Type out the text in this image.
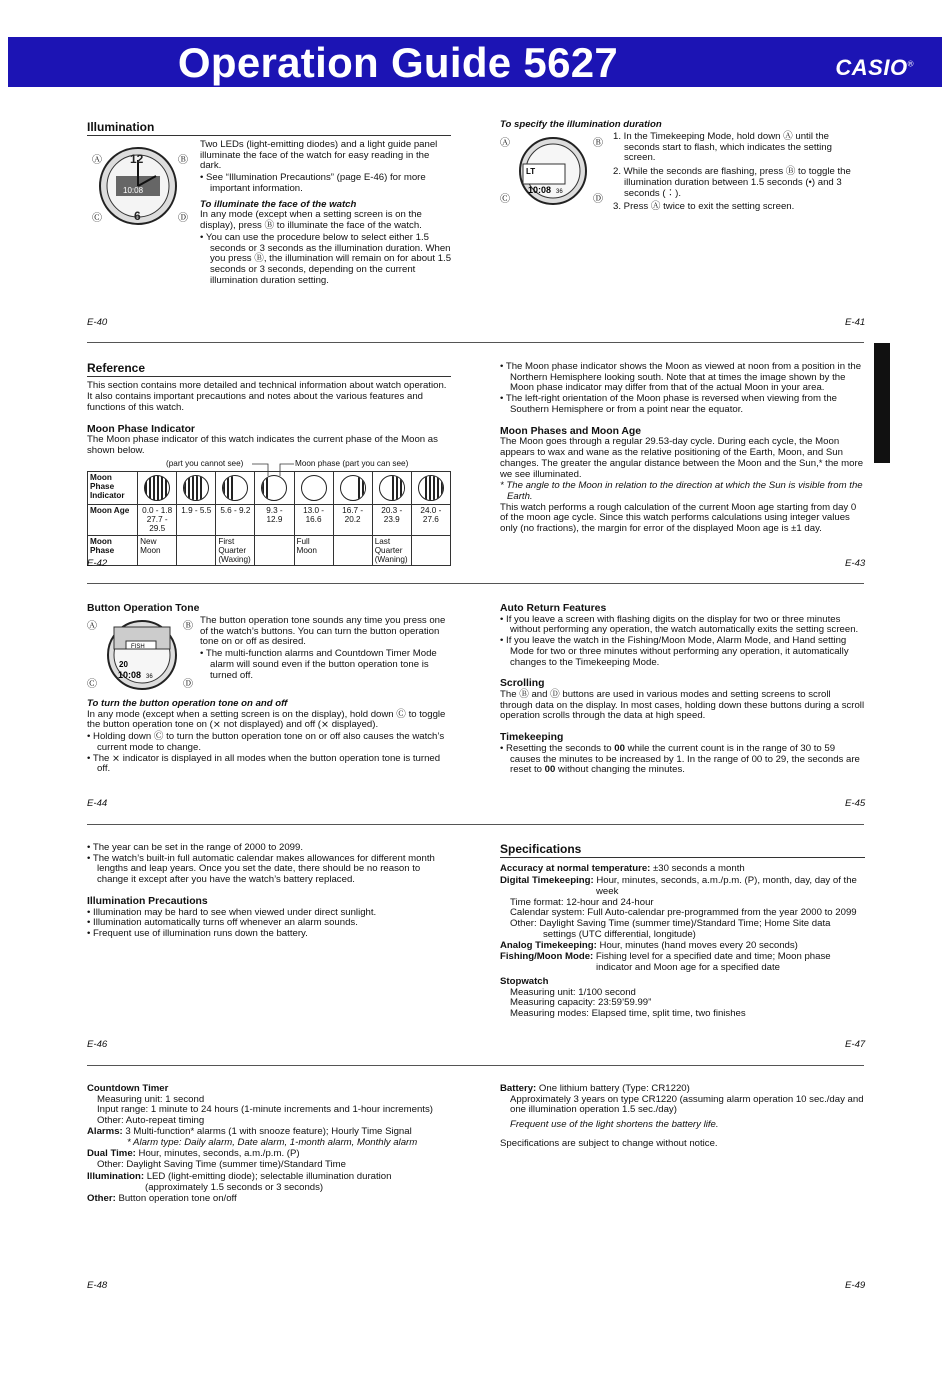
Operation Guide 5627	CASIO®
Illumination
Ⓐ	Ⓑ
Ⓒ	Ⓓ
12
6
10:08
Two LEDs (light-emitting diodes) and a light guide panel illuminate the face of the watch for easy reading in the dark.
• See “Illumination Precautions” (page E-46) for more important information.
To illuminate the face of the watch
In any mode (except when a setting screen is on the display), press Ⓑ to illuminate the face of the watch.
• You can use the procedure below to select either 1.5 seconds or 3 seconds as the illumination duration. When you press Ⓑ, the illumination will remain on for about 1.5 seconds or 3 seconds, depending on the current illumination duration setting.
E-40
To specify the illumination duration
Ⓐ	Ⓑ
Ⓒ	Ⓓ
LT
10:08 36
1. In the Timekeeping Mode, hold down Ⓐ until the seconds start to flash, which indicates the setting screen.
2. While the seconds are flashing, press Ⓑ to toggle the illumination duration between 1.5 seconds (•) and 3 seconds (∶).
3. Press Ⓐ twice to exit the setting screen.
E-41
Reference
This section contains more detailed and technical information about watch operation. It also contains important precautions and notes about the various features and functions of this watch.
Moon Phase Indicator
The Moon phase indicator of this watch indicates the current phase of the Moon as shown below.
(part you cannot see)	Moon phase (part you can see)
Moon Phase Indicator	

Moon Age	0.0 - 1.8 27.7 - 29.5	1.9 - 5.5	5.6 - 9.2	9.3 - 12.9	13.0 - 16.6	16.7 - 20.2	20.3 - 23.9	24.0 - 27.6
Moon Phase	New Moon		First Quarter (Waxing)		Full Moon		Last Quarter (Waning)	
E-42
• The Moon phase indicator shows the Moon as viewed at noon from a position in the Northern Hemisphere looking south. Note that at times the image shown by the Moon phase indicator may differ from that of the actual Moon in your area.
• The left-right orientation of the Moon phase is reversed when viewing from the Southern Hemisphere or from a point near the equator.
Moon Phases and Moon Age
The Moon goes through a regular 29.53-day cycle. During each cycle, the Moon appears to wax and wane as the relative positioning of the Earth, Moon, and Sun changes. The greater the angular distance between the Moon and the Sun,* the more we see illuminated.
* The angle to the Moon in relation to the direction at which the Sun is visible from the Earth.
This watch performs a rough calculation of the current Moon age starting from day 0 of the moon age cycle. Since this watch performs calculations using integer values only (no fractions), the margin for error of the displayed Moon age is ±1 day.
E-43
Button Operation Tone
Ⓐ	Ⓑ
Ⓒ	Ⓓ
FISH
20
10:08 36
The button operation tone sounds any time you press one of the watch’s buttons. You can turn the button operation tone on or off as desired.
• The multi-function alarms and Countdown Timer Mode alarm will sound even if the button operation tone is turned off.
To turn the button operation tone on and off
In any mode (except when a setting screen is on the display), hold down Ⓒ to toggle the button operation tone on (⨯ not displayed) and off (⨯ displayed).
• Holding down Ⓒ to turn the button operation tone on or off also causes the watch’s current mode to change.
• The ⨯ indicator is displayed in all modes when the button operation tone is turned off.
E-44
Auto Return Features
• If you leave a screen with flashing digits on the display for two or three minutes without performing any operation, the watch automatically exits the setting screen.
• If you leave the watch in the Fishing/Moon Mode, Alarm Mode, and Hand setting Mode for two or three minutes without performing any operation, it automatically changes to the Timekeeping Mode.
Scrolling
The Ⓑ and Ⓓ buttons are used in various modes and setting screens to scroll through data on the display. In most cases, holding down these buttons during a scroll operation scrolls through the data at high speed.
Timekeeping
• Resetting the seconds to 00 while the current count is in the range of 30 to 59 causes the minutes to be increased by 1. In the range of 00 to 29, the seconds are reset to 00 without changing the minutes.
E-45
• The year can be set in the range of 2000 to 2099.
• The watch’s built-in full automatic calendar makes allowances for different month lengths and leap years. Once you set the date, there should be no reason to change it except after you have the watch’s battery replaced.
Illumination Precautions
• Illumination may be hard to see when viewed under direct sunlight.
• Illumination automatically turns off whenever an alarm sounds.
• Frequent use of illumination runs down the battery.
E-46
Specifications
Accuracy at normal temperature: ±30 seconds a month
Digital Timekeeping: Hour, minutes, seconds, a.m./p.m. (P), month, day, day of the week
Time format: 12-hour and 24-hour
Calendar system: Full Auto-calendar pre-programmed from the year 2000 to 2099
Other: Daylight Saving Time (summer time)/Standard Time; Home Site data settings (UTC differential, longitude)
Analog Timekeeping: Hour, minutes (hand moves every 20 seconds)
Fishing/Moon Mode: Fishing level for a specified date and time; Moon phase indicator and Moon age for a specified date
Stopwatch
Measuring unit: 1/100 second
Measuring capacity: 23:59’59.99”
Measuring modes: Elapsed time, split time, two finishes
E-47
Countdown Timer
Measuring unit: 1 second
Input range: 1 minute to 24 hours (1-minute increments and 1-hour increments)
Other: Auto-repeat timing
Alarms: 3 Multi-function* alarms (1 with snooze feature); Hourly Time Signal
* Alarm type: Daily alarm, Date alarm, 1-month alarm, Monthly alarm
Dual Time: Hour, minutes, seconds, a.m./p.m. (P)
Other: Daylight Saving Time (summer time)/Standard Time
Illumination: LED (light-emitting diode); selectable illumination duration (approximately 1.5 seconds or 3 seconds)
Other: Button operation tone on/off
E-48
Battery: One lithium battery (Type: CR1220)
Approximately 3 years on type CR1220 (assuming alarm operation 10 sec./day and one illumination operation 1.5 sec./day)
Frequent use of the light shortens the battery life.
Specifications are subject to change without notice.
E-49
